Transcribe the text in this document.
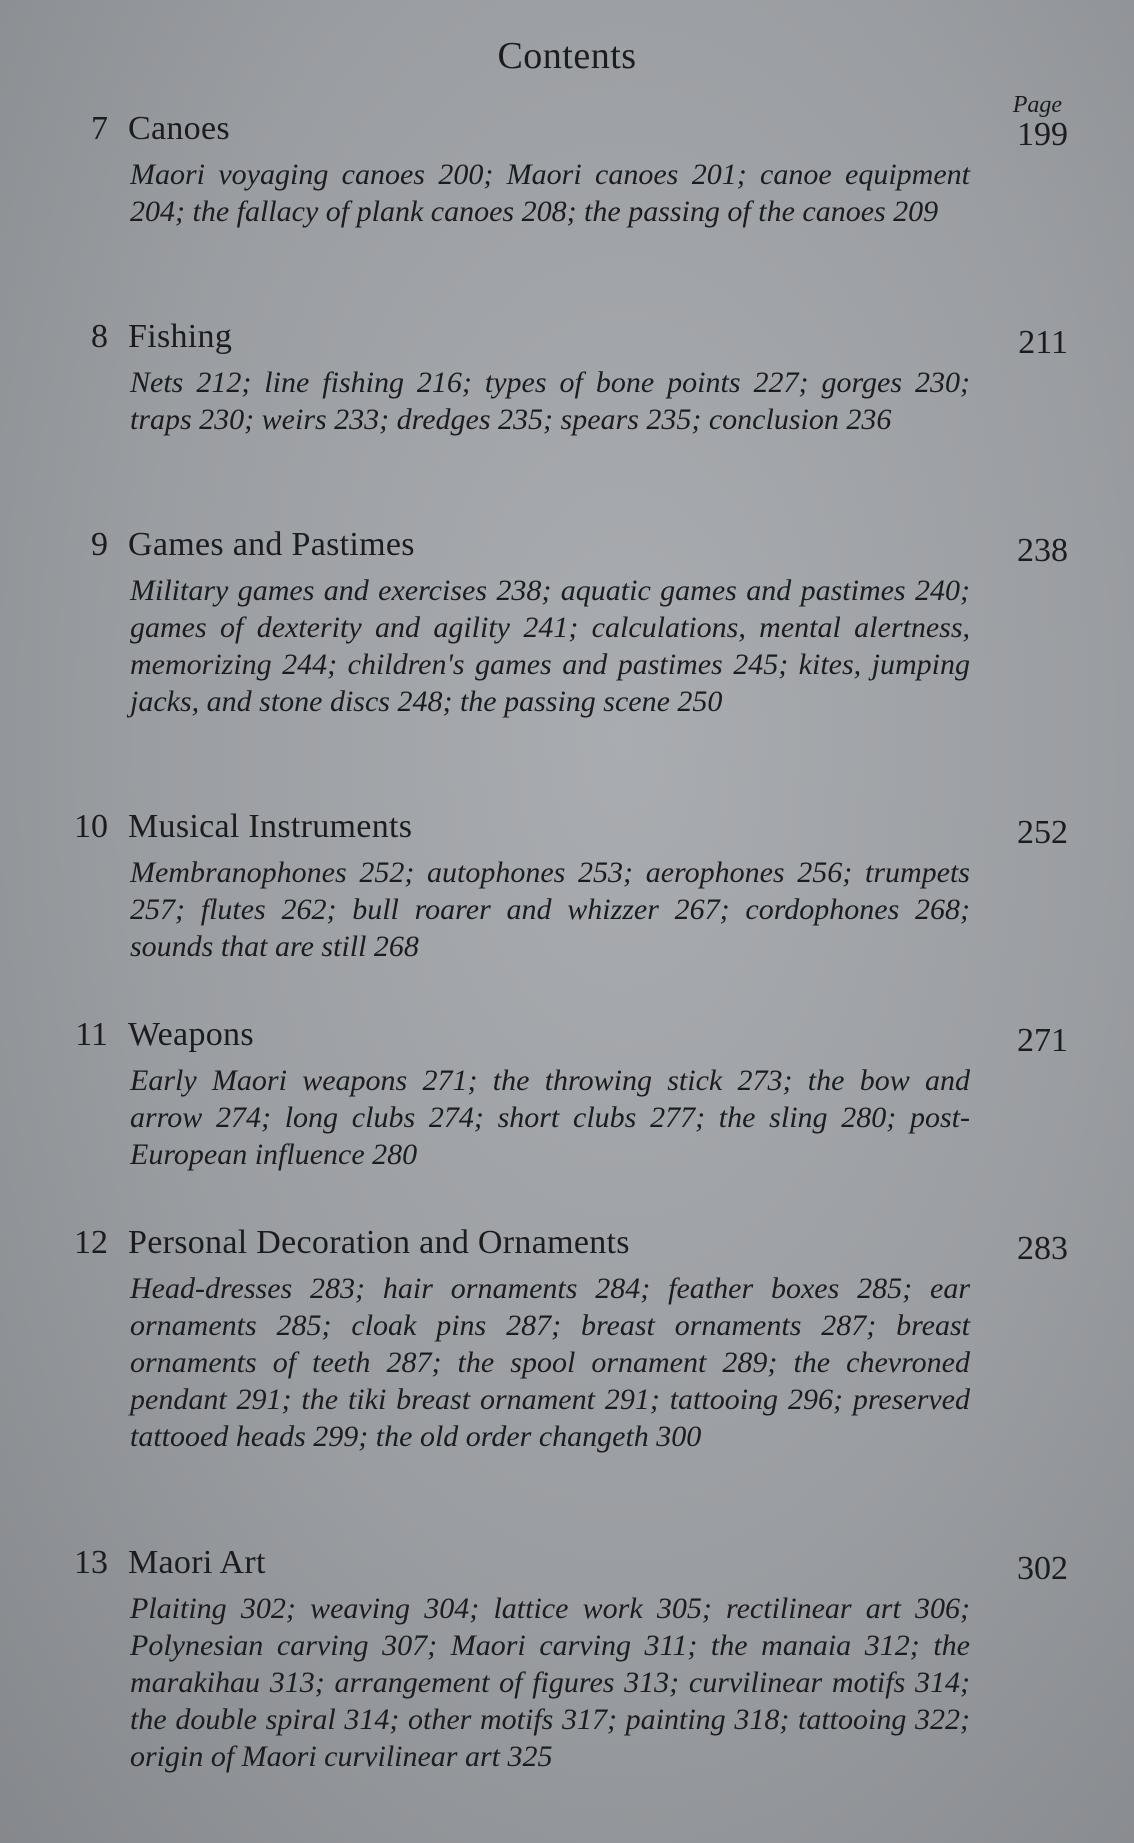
Contents
Page
7 Canoes	199
Maori voyaging canoes 200; Maori canoes 201; canoe equipment 204; the fallacy of plank canoes 208; the passing of the canoes 209
8 Fishing	211
Nets 212; line fishing 216; types of bone points 227; gorges 230; traps 230; weirs 233; dredges 235; spears 235; conclusion 236
9 Games and Pastimes	238
Military games and exercises 238; aquatic games and pastimes 240; games of dexterity and agility 241; calculations, mental alertness, memorizing 244; children's games and pastimes 245; kites, jumping jacks, and stone discs 248; the passing scene 250
10 Musical Instruments	252
Membranophones 252; autophones 253; aerophones 256; trumpets 257; flutes 262; bull roarer and whizzer 267; cordophones 268; sounds that are still 268
11 Weapons	271
Early Maori weapons 271; the throwing stick 273; the bow and arrow 274; long clubs 274; short clubs 277; the sling 280; post-European influence 280
12 Personal Decoration and Ornaments	283
Head-dresses 283; hair ornaments 284; feather boxes 285; ear ornaments 285; cloak pins 287; breast ornaments 287; breast ornaments of teeth 287; the spool ornament 289; the chevroned pendant 291; the tiki breast ornament 291; tattooing 296; preserved tattooed heads 299; the old order changeth 300
13 Maori Art	302
Plaiting 302; weaving 304; lattice work 305; rectilinear art 306; Polynesian carving 307; Maori carving 311; the manaia 312; the marakihau 313; arrangement of figures 313; curvilinear motifs 314; the double spiral 314; other motifs 317; painting 318; tattooing 322; origin of Maori curvilinear art 325
